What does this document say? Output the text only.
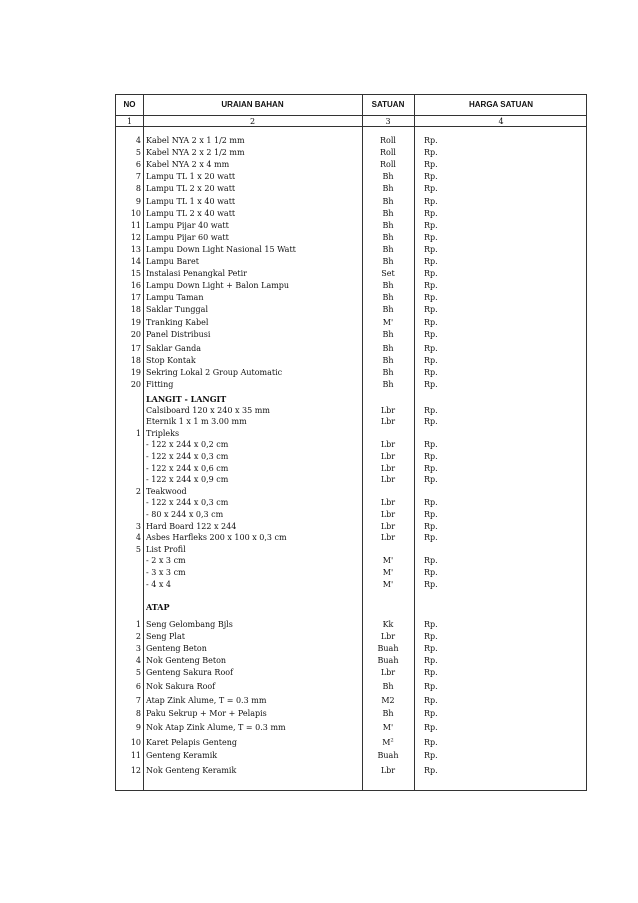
NO	URAIAN BAHAN	SATUAN	HARGA SATUAN
1	2	3	4
4 Kabel NYA 2 x 1 1/2 mm	Roll	Rp.
5 Kabel NYA 2 x 2 1/2 mm	Roll	Rp.
6 Kabel NYA 2 x 4 mm	Roll	Rp.
7 Lampu TL 1 x 20 watt	Bh	Rp.
8 Lampu TL 2 x 20 watt	Bh	Rp.
9 Lampu TL 1 x 40 watt	Bh	Rp.
10 Lampu TL 2 x 40 watt	Bh	Rp.
11 Lampu Pijar 40 watt	Bh	Rp.
12 Lampu Pijar 60 watt	Bh	Rp.
13 Lampu Down Light Nasional 15 Watt	Bh	Rp.
14 Lampu Baret	Bh	Rp.
15 Instalasi Penangkal Petir	Set	Rp.
16 Lampu Down Light + Balon Lampu	Bh	Rp.
17 Lampu Taman	Bh	Rp.
18 Saklar Tunggal	Bh	Rp.
19 Tranking Kabel	M'	Rp.
20 Panel Distribusi	Bh	Rp.
17 Saklar Ganda	Bh	Rp.
18 Stop Kontak	Bh	Rp.
19 Sekring Lokal 2 Group Automatic	Bh	Rp.
20 Fitting	Bh	Rp.
LANGIT - LANGIT
Calsiboard 120 x 240 x 35 mm	Lbr	Rp.
Eternik 1 x 1 m 3.00 mm	Lbr	Rp.
1 Tripleks
- 122 x 244 x 0,2 cm	Lbr	Rp.
- 122 x 244 x 0,3 cm	Lbr	Rp.
- 122 x 244 x 0,6 cm	Lbr	Rp.
- 122 x 244 x 0,9 cm	Lbr	Rp.
2 Teakwood
- 122 x 244 x 0,3 cm	Lbr	Rp.
- 80 x 244 x 0,3 cm	Lbr	Rp.
3 Hard Board 122 x 244	Lbr	Rp.
4 Asbes Harfleks 200 x 100 x 0,3 cm	Lbr	Rp.
5 List Profil
- 2 x 3 cm	M'	Rp.
- 3 x 3 cm	M'	Rp.
- 4 x 4	M'	Rp.
ATAP
1 Seng Gelombang Bjls	Kk	Rp.
2 Seng Plat	Lbr	Rp.
3 Genteng Beton	Buah	Rp.
4 Nok Genteng Beton	Buah	Rp.
5 Genteng Sakura Roof	Lbr	Rp.
6 Nok Sakura Roof	Bh	Rp.
7 Atap Zink Alume, T = 0.3 mm	M2	Rp.
8 Paku Sekrup + Mor + Pelapis	Bh	Rp.
9 Nok Atap Zink Alume, T = 0.3 mm	M'	Rp.
10 Karet Pelapis Genteng	$M^2$	Rp.
11 Genteng Keramik	Buah	Rp.
12 Nok Genteng Keramik	Lbr	Rp.
